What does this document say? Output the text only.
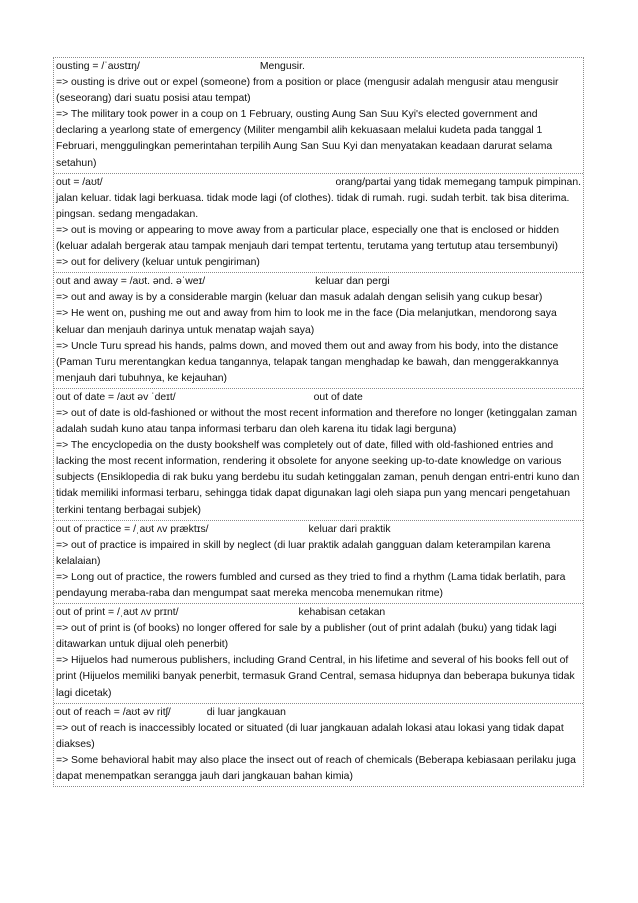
ousting = /ˈaʊstɪŋ/	Mengusir.
=> ousting is drive out or expel (someone) from a position or place (mengusir adalah mengusir atau mengusir (seseorang) dari suatu posisi atau tempat)
=> The military took power in a coup on 1 February, ousting Aung San Suu Kyi's elected government and declaring a yearlong state of emergency (Militer mengambil alih kekuasaan melalui kudeta pada tanggal 1 Februari, menggulingkan pemerintahan terpilih Aung San Suu Kyi dan menyatakan keadaan darurat selama setahun)
out = /aʊt/	orang/partai yang tidak memegang tampuk pimpinan.
jalan keluar. tidak lagi berkuasa. tidak mode lagi (of clothes). tidak di rumah. rugi. sudah terbit. tak bisa diterima. pingsan. sedang mengadakan.
=> out is moving or appearing to move away from a particular place, especially one that is enclosed or hidden (keluar adalah bergerak atau tampak menjauh dari tempat tertentu, terutama yang tertutup atau tersembunyi)
=> out for delivery (keluar untuk pengiriman)
out and away = /aʊt. ənd. əˈweɪ/	keluar dan pergi
=> out and away is by a considerable margin (keluar dan masuk adalah dengan selisih yang cukup besar)
=> He went on, pushing me out and away from him to look me in the face (Dia melanjutkan, mendorong saya keluar dan menjauh darinya untuk menatap wajah saya)
=> Uncle Turu spread his hands, palms down, and moved them out and away from his body, into the distance (Paman Turu merentangkan kedua tangannya, telapak tangan menghadap ke bawah, dan menggerakkannya menjauh dari tubuhnya, ke kejauhan)
out of date = /aʊt əv ˈdeɪt/	out of date
=> out of date is old-fashioned or without the most recent information and therefore no longer (ketinggalan zaman adalah sudah kuno atau tanpa informasi terbaru dan oleh karena itu tidak lagi berguna)
=> The encyclopedia on the dusty bookshelf was completely out of date, filled with old-fashioned entries and lacking the most recent information, rendering it obsolete for anyone seeking up-to-date knowledge on various subjects (Ensiklopedia di rak buku yang berdebu itu sudah ketinggalan zaman, penuh dengan entri-entri kuno dan tidak memiliki informasi terbaru, sehingga tidak dapat digunakan lagi oleh siapa pun yang mencari pengetahuan terkini tentang berbagai subjek)
out of practice = /ˌaʊt ʌv præktɪs/	keluar dari praktik
=> out of practice is impaired in skill by neglect (di luar praktik adalah gangguan dalam keterampilan karena kelalaian)
=> Long out of practice, the rowers fumbled and cursed as they tried to find a rhythm (Lama tidak berlatih, para pendayung meraba-raba dan mengumpat saat mereka mencoba menemukan ritme)
out of print = /ˌaʊt ʌv prɪnt/	kehabisan cetakan
=> out of print is (of books) no longer offered for sale by a publisher (out of print adalah (buku) yang tidak lagi ditawarkan untuk dijual oleh penerbit)
=> Hijuelos had numerous publishers, including Grand Central, in his lifetime and several of his books fell out of print (Hijuelos memiliki banyak penerbit, termasuk Grand Central, semasa hidupnya dan beberapa bukunya tidak lagi dicetak)
out of reach = /aʊt əv ritʃ/	di luar jangkauan
=> out of reach is inaccessibly located or situated (di luar jangkauan adalah lokasi atau lokasi yang tidak dapat diakses)
=> Some behavioral habit may also place the insect out of reach of chemicals (Beberapa kebiasaan perilaku juga dapat menempatkan serangga jauh dari jangkauan bahan kimia)
